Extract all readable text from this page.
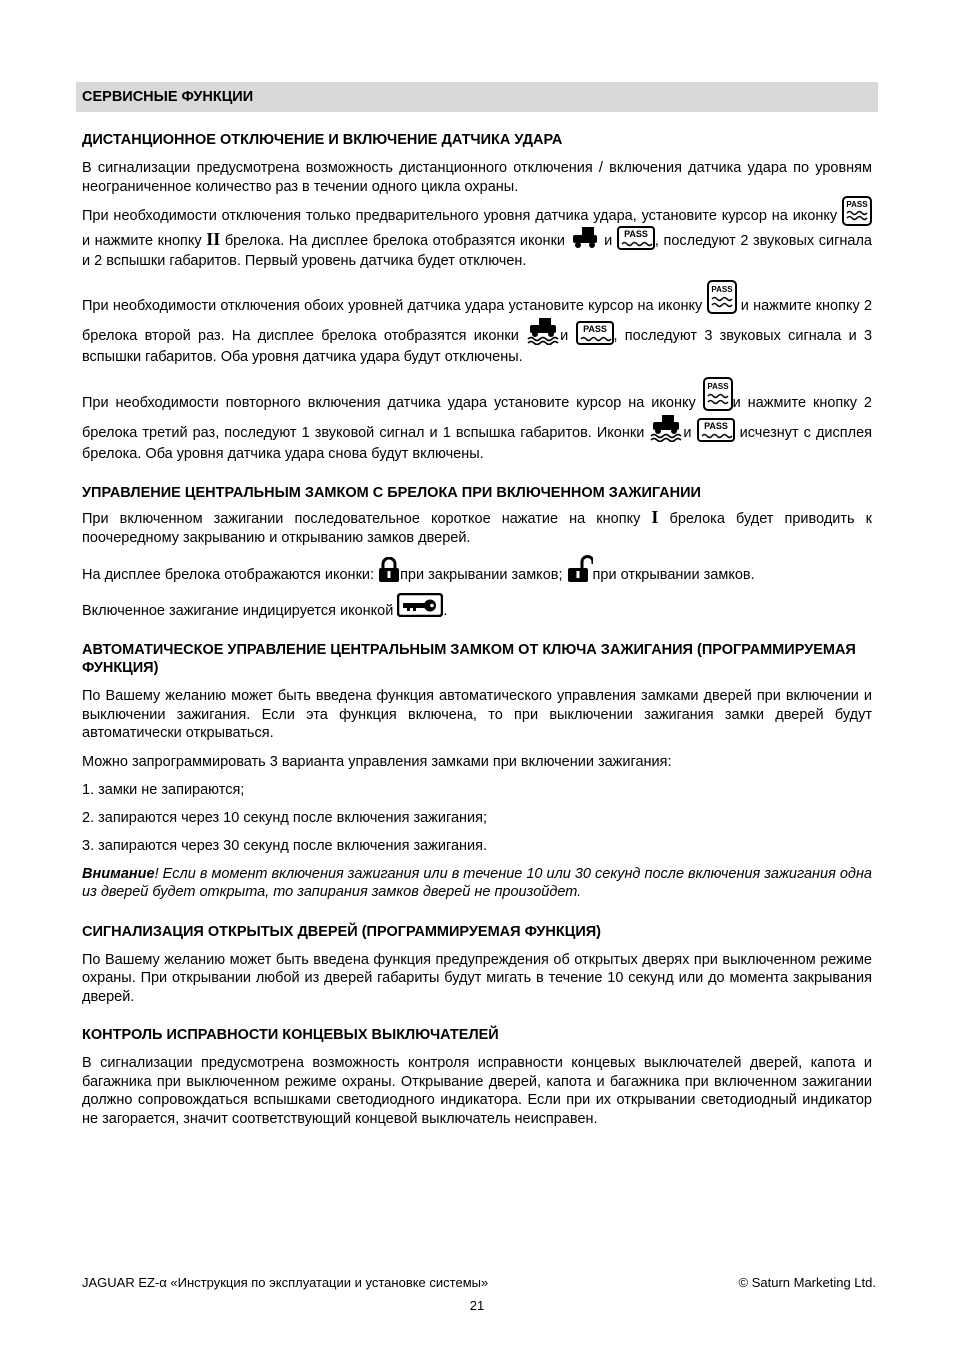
СЕРВИСНЫЕ ФУНКЦИИ
ДИСТАНЦИОННОЕ ОТКЛЮЧЕНИЕ И ВКЛЮЧЕНИЕ ДАТЧИКА УДАРА

В сигнализации предусмотрена возможность дистанционного отключения / включения датчика удара по уровням неограниченное количество раз в течении одного цикла охраны.

При необходимости отключения только предварительного уровня датчика удара, установите курсор на иконку
PASS
и нажмите кнопку II брелока. На дисплее брелока отобразятся иконки	и PASS , последуют 2 звуковых сигнала и 2 вспышки габаритов. Первый уровень датчика будет отключен.

При необходимости отключения обоих уровней датчика удара установите курсор на иконку
PASS
и нажмите кнопку 2 брелока второй раз. На дисплее брелока отобразятся иконки	и PASS , последуют 3 звуковых сигнала и 3 вспышки габаритов. Оба уровня датчика удара будут отключены.

При необходимости повторного включения датчика удара установите курсор на иконку
PASS
и нажмите кнопку 2 брелока третий раз, последуют 1 звуковой сигнал и 1 вспышка габаритов. Иконки	и PASS исчезнут с дисплея брелока. Оба уровня датчика удара снова будут включены.

УПРАВЛЕНИЕ ЦЕНТРАЛЬНЫМ ЗАМКОМ С БРЕЛОКА ПРИ ВКЛЮЧЕННОМ ЗАЖИГАНИИ

При включенном зажигании последовательное короткое нажатие на кнопку I брелока будет приводить к поочередному закрыванию и открыванию замков дверей.

На дисплее брелока отображаются иконки: при закрывании замков; при открывании замков.

Включенное зажигание индицируется иконкой	.

АВТОМАТИЧЕСКОЕ УПРАВЛЕНИЕ ЦЕНТРАЛЬНЫМ ЗАМКОМ ОТ КЛЮЧА ЗАЖИГАНИЯ (ПРОГРАММИРУЕМАЯ ФУНКЦИЯ)

По Вашему желанию может быть введена функция автоматического управления замками дверей при включении и выключении зажигания. Если эта функция включена, то при выключении зажигания замки дверей будут автоматически открываться.

Можно запрограммировать 3 варианта управления замками при включении зажигания:

1. замки не запираются;

2. запираются через 10 секунд после включения зажигания;

3. запираются через 30 секунд после включения зажигания.

Внимание! Если в момент включения зажигания или в течение 10 или 30 секунд после включения зажигания одна из дверей будет открыта, то запирания замков дверей не произойдет.

СИГНАЛИЗАЦИЯ ОТКРЫТЫХ ДВЕРЕЙ (ПРОГРАММИРУЕМАЯ ФУНКЦИЯ)

По Вашему желанию может быть введена функция предупреждения об открытых дверях при выключенном режиме охраны. При открывании любой из дверей габариты будут мигать в течение 10 секунд или до момента закрывания дверей.

КОНТРОЛЬ ИСПРАВНОСТИ КОНЦЕВЫХ ВЫКЛЮЧАТЕЛЕЙ

В сигнализации предусмотрена возможность контроля исправности концевых выключателей дверей, капота и багажника при выключенном режиме охраны. Открывание дверей, капота и багажника при включенном зажигании должно сопровождаться вспышками светодиодного индикатора. Если при их открывании светодиодный индикатор не загорается, значит соответствующий концевой выключатель неисправен.

JAGUAR EZ-α «Инструкция по эксплуатации и установке системы»	© Saturn Marketing Ltd.
21
